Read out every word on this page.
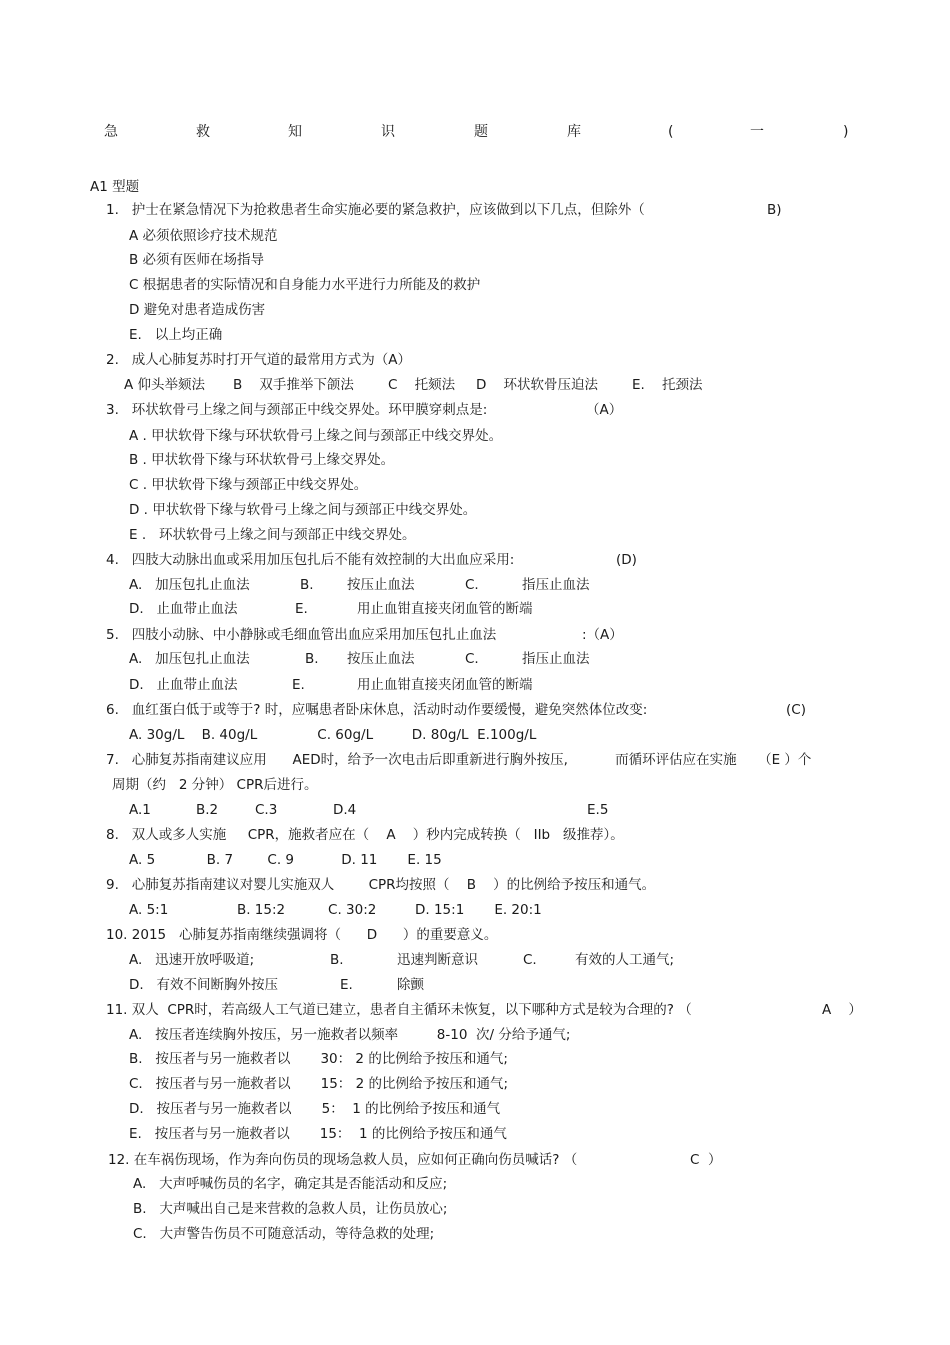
急	救	知	识	题	库	(	一	)
A1 型题
1.   护士在紧急情况下为抢救患者生命实施必要的紧急救护，应该做到以下几点，但除外（	B)
A 必须依照诊疗技术规范
B 必须有医师在场指导
C 根据患者的实际情况和自身能力水平进行力所能及的救护
D 避免对患者造成伤害
E.   以上均正确
2.   成人心肺复苏时打开气道的最常用方式为（A）
A 仰头举颏法 B    双手推举下颌法	C    托颏法 D    环状软骨压迫法	E.    托颈法
3.   环状软骨弓上缘之间与颈部正中线交界处。环甲膜穿刺点是:	（A）
A . 甲状软骨下缘与环状软骨弓上缘之间与颈部正中线交界处。
B . 甲状软骨下缘与环状软骨弓上缘交界处。
C . 甲状软骨下缘与颈部正中线交界处。
D . 甲状软骨下缘与软骨弓上缘之间与颈部正中线交界处。
E .   环状软骨弓上缘之间与颈部正中线交界处。
4.   四肢大动脉出血或采用加压包扎后不能有效控制的大出血应采用:	(D)
A.   加压包扎止血法	B. 按压止血法	C.	指压止血法
D.   止血带止血法	E.	用止血钳直接夹闭血管的断端
5.   四肢小动脉、中小静脉或毛细血管出血应采用加压包扎止血法	:（A）
A.   加压包扎止血法	B. 按压止血法	C.	指压止血法
D.   止血带止血法	E.	用止血钳直接夹闭血管的断端
6.   血红蛋白低于或等于? 时，应嘱患者卧床休息，活动时动作要缓慢，避免突然体位改变:	(C)
A. 30g/L    B. 40g/L              C. 60g/L         D. 80g/L  E.100g/L
7.   心肺复苏指南建议应用      AED时，给予一次电击后即重新进行胸外按压,           而循环评估应在实施     （E ）个
周期（约   2 分钟） CPR后进行。
A.1	B.2	C.3	D.4	E.5
8.   双人或多人实施     CPR，施救者应在（    A    ）秒内完成转换（   IIb   级推荐）。
A. 5            B. 7        C. 9           D. 11       E. 15
9.   心肺复苏指南建议对婴儿实施双人        CPR均按照（    B    ）的比例给予按压和通气。
A. 5:1                B. 15:2          C. 30:2         D. 15:1       E. 20:1
10. 2015   心肺复苏指南继续强调将（      D      ）的重要意义。
A.   迅速开放呼吸道;	B.	迅速判断意识	C.	有效的人工通气;
D.   有效不间断胸外按压	E.	除颤
11. 双人  CPR时，若高级人工气道已建立，患者自主循环未恢复，以下哪种方式是较为合理的? （	A    ）
A.   按压者连续胸外按压，另一施救者以频率         8-10  次/ 分给予通气;
B.   按压者与另一施救者以       30： 2 的比例给予按压和通气;
C.   按压者与另一施救者以       15： 2 的比例给予按压和通气;
D.   按压者与另一施救者以       5：  1 的比例给予按压和通气
E.   按压者与另一施救者以       15：  1 的比例给予按压和通气
12. 在车祸伤现场，作为奔向伤员的现场急救人员，应如何正确向伤员喊话? （	C  ）
A.   大声呼喊伤员的名字，确定其是否能活动和反应;
B.   大声喊出自己是来营救的急救人员，让伤员放心;
C.   大声警告伤员不可随意活动，等待急救的处理;
